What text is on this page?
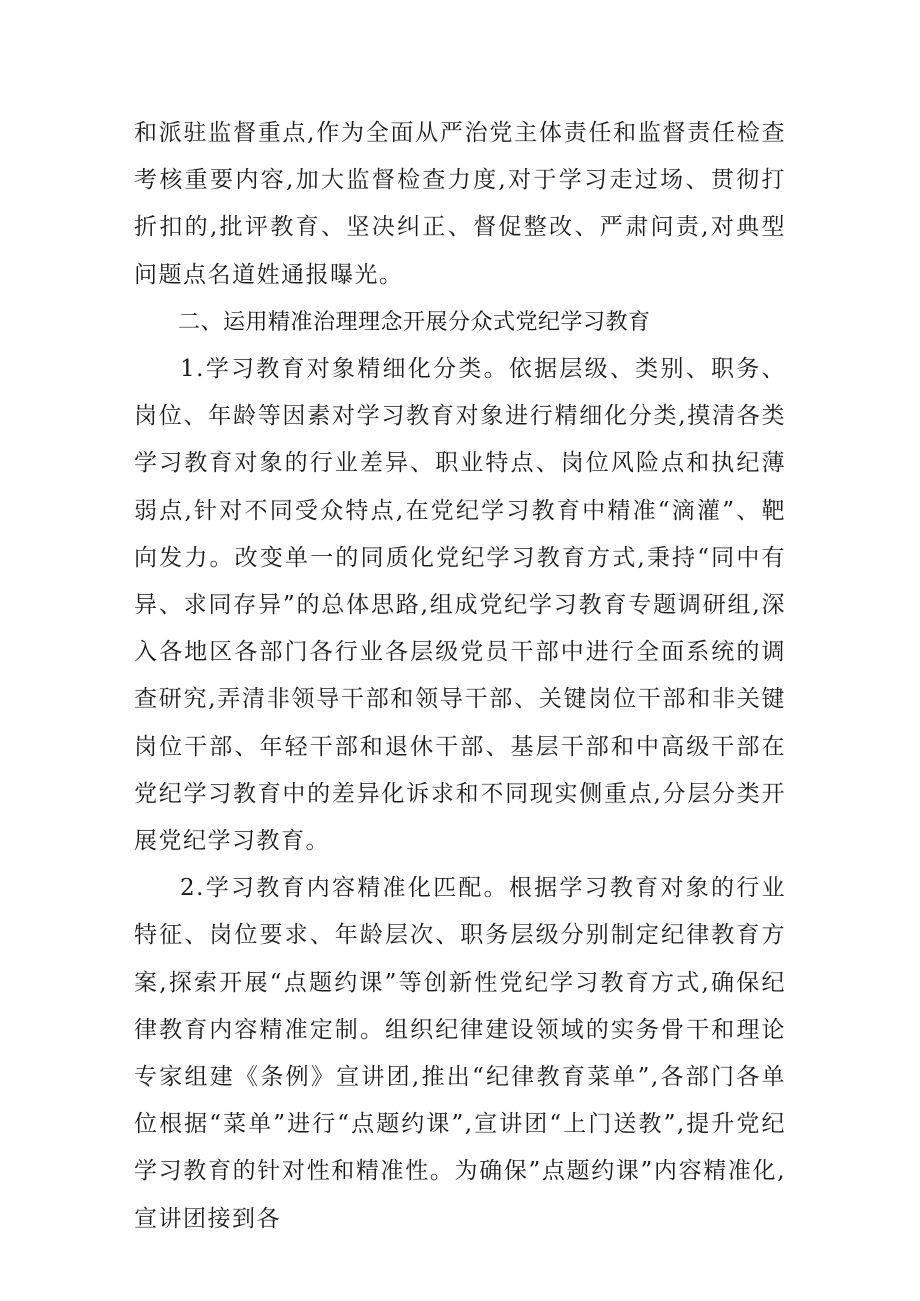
和派驻监督重点,作为全面从严治党主体责任和监督责任检查考核重要内容,加大监督检查力度,对于学习走过场、贯彻打折扣的,批评教育、坚决纠正、督促整改、严肃问责,对典型问题点名道姓通报曝光。

二、运用精准治理理念开展分众式党纪学习教育

1.学习教育对象精细化分类。依据层级、类别、职务、岗位、年龄等因素对学习教育对象进行精细化分类,摸清各类学习教育对象的行业差异、职业特点、岗位风险点和执纪薄弱点,针对不同受众特点,在党纪学习教育中精准“滴灌”、靶向发力。改变单一的同质化党纪学习教育方式,秉持“同中有异、求同存异”的总体思路,组成党纪学习教育专题调研组,深入各地区各部门各行业各层级党员干部中进行全面系统的调查研究,弄清非领导干部和领导干部、关键岗位干部和非关键岗位干部、年轻干部和退休干部、基层干部和中高级干部在党纪学习教育中的差异化诉求和不同现实侧重点,分层分类开展党纪学习教育。

2.学习教育内容精准化匹配。根据学习教育对象的行业特征、岗位要求、年龄层次、职务层级分别制定纪律教育方案,探索开展“点题约课”等创新性党纪学习教育方式,确保纪律教育内容精准定制。组织纪律建设领域的实务骨干和理论专家组建《条例》宣讲团,推出“纪律教育菜单”,各部门各单位根据“菜单”进行“点题约课”,宣讲团“上门送教”,提升党纪学习教育的针对性和精准性。为确保”点题约课”内容精准化,宣讲团接到各
